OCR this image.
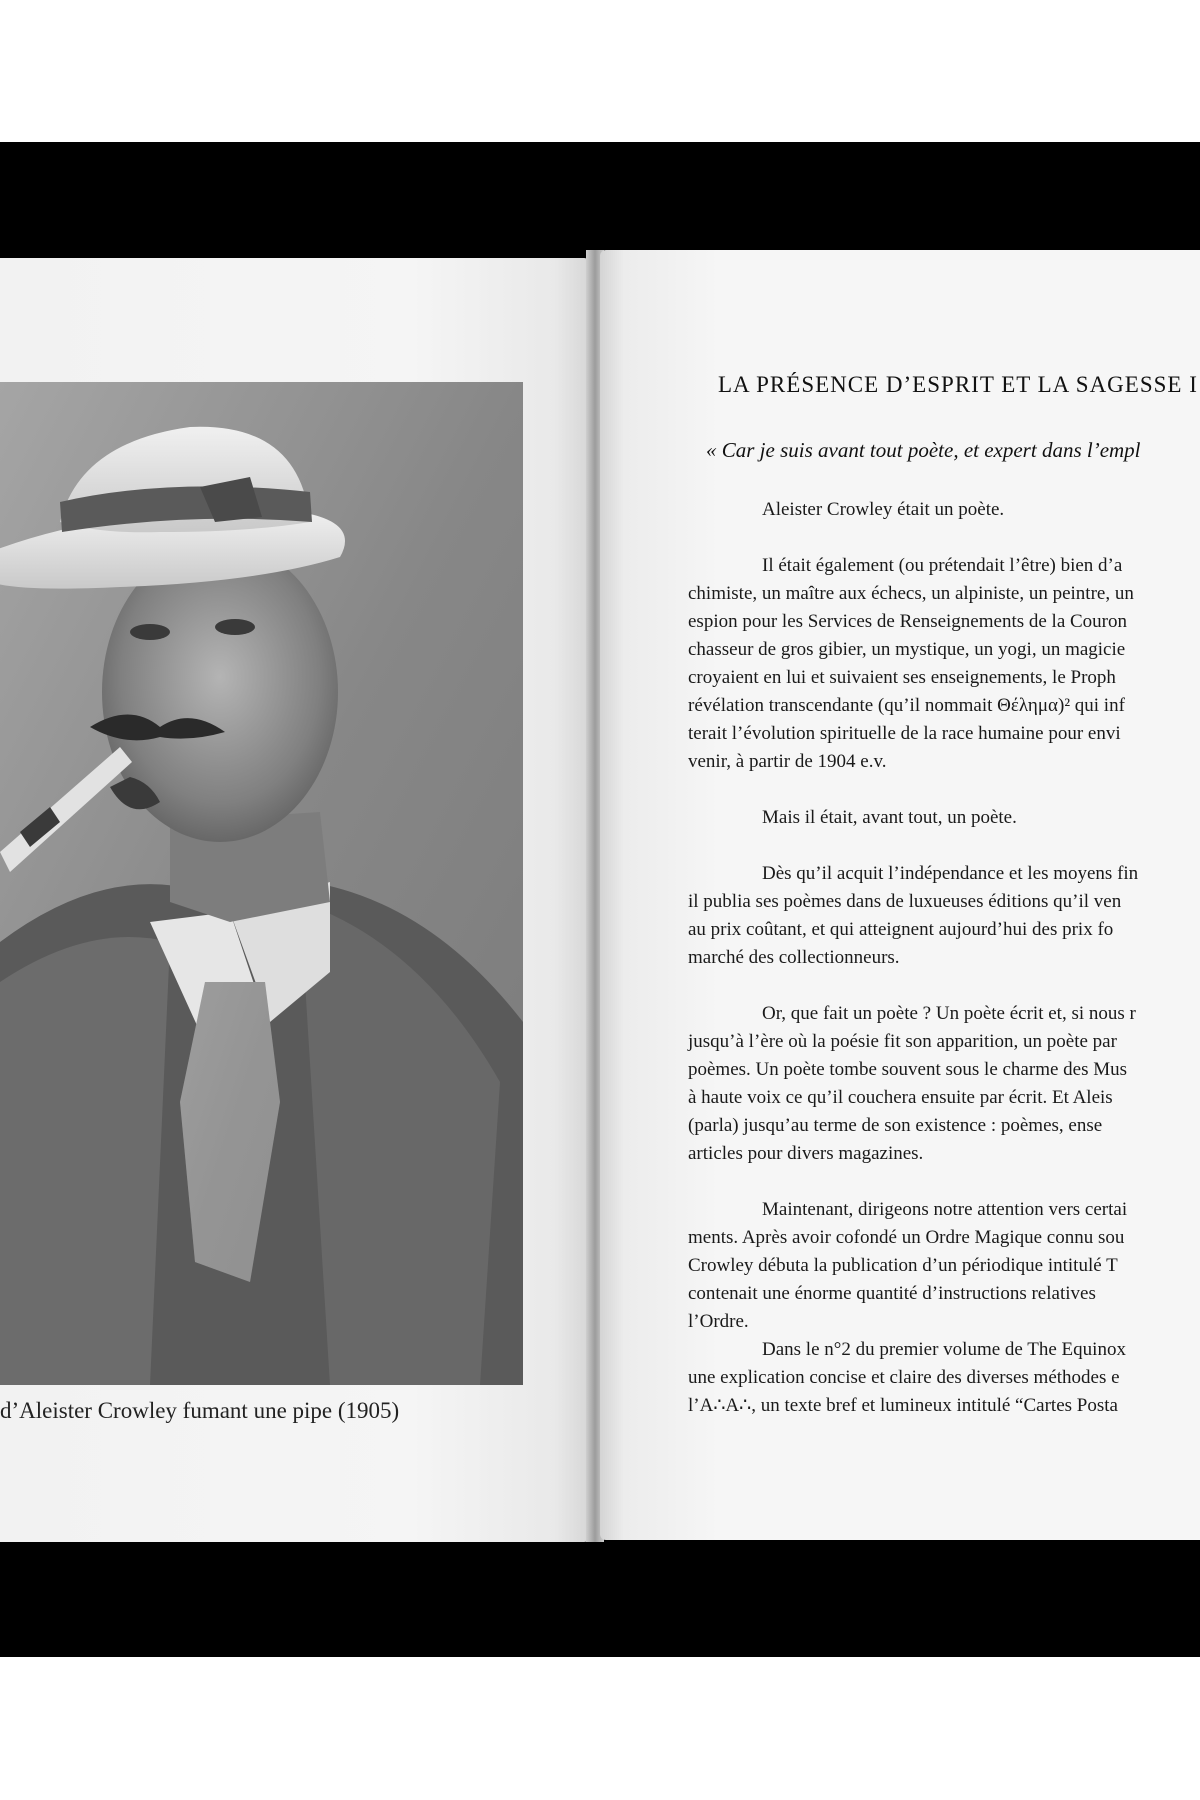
d’Aleister Crowley fumant une pipe (1905)
LA PRÉSENCE D’ESPRIT ET LA SAGESSE I
« Car je suis avant tout poète, et expert dans l’empl
Aleister Crowley était un poète.
Il était également (ou prétendait l’être) bien d’a
chimiste, un maître aux échecs, un alpiniste, un peintre, un
espion pour les Services de Renseignements de la Couron
chasseur de gros gibier, un mystique, un yogi, un magicie
croyaient en lui et suivaient ses enseignements, le Proph
révélation transcendante (qu’il nommait Θέλημα)² qui inf
terait l’évolution spirituelle de la race humaine pour envi
venir, à partir de 1904 e.v.
Mais il était, avant tout, un poète.
Dès qu’il acquit l’indépendance et les moyens fin
il publia ses poèmes dans de luxueuses éditions qu’il ven
au prix coûtant, et qui atteignent aujourd’hui des prix fo
marché des collectionneurs.
Or, que fait un poète ? Un poète écrit et, si nous r
jusqu’à l’ère où la poésie fit son apparition, un poète par
poèmes. Un poète tombe souvent sous le charme des Mus
à haute voix ce qu’il couchera ensuite par écrit. Et Aleis
(parla) jusqu’au terme de son existence : poèmes, ense
articles pour divers magazines.
Maintenant, dirigeons notre attention vers certai
ments. Après avoir cofondé un Ordre Magique connu sou
Crowley débuta la publication d’un périodique intitulé T
contenait une énorme quantité d’instructions relatives
l’Ordre.
Dans le n°2 du premier volume de The Equinox
une explication concise et claire des diverses méthodes e
l’A∴A∴, un texte bref et lumineux intitulé “Cartes Posta
